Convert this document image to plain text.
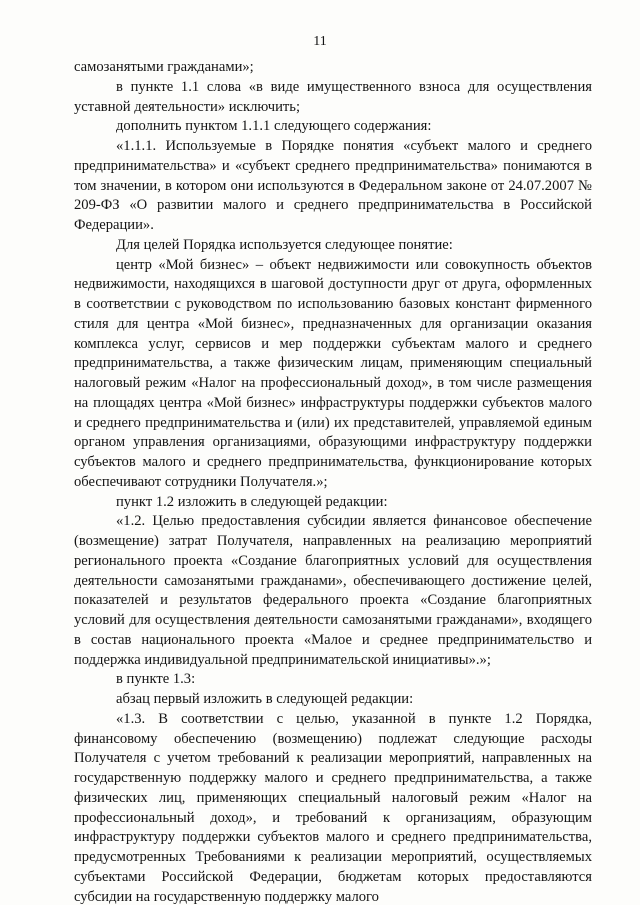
11

самозанятыми гражданами»;

в пункте 1.1 слова «в виде имущественного взноса для осуществления уставной деятельности» исключить;

дополнить пунктом 1.1.1 следующего содержания:

«1.1.1. Используемые в Порядке понятия «субъект малого и среднего предпринимательства» и «субъект среднего предпринимательства» понимаются в том значении, в котором они используются в Федеральном законе от 24.07.2007 № 209-ФЗ «О развитии малого и среднего предпринимательства в Российской Федерации».

Для целей Порядка используется следующее понятие:

центр «Мой бизнес» – объект недвижимости или совокупность объектов недвижимости, находящихся в шаговой доступности друг от друга, оформленных в соответствии с руководством по использованию базовых констант фирменного стиля для центра «Мой бизнес», предназначенных для организации оказания комплекса услуг, сервисов и мер поддержки субъектам малого и среднего предпринимательства, а также физическим лицам, применяющим специальный налоговый режим «Налог на профессиональный доход», в том числе размещения на площадях центра «Мой бизнес» инфраструктуры поддержки субъектов малого и среднего предпринимательства и (или) их представителей, управляемой единым органом управления организациями, образующими инфраструктуру поддержки субъектов малого и среднего предпринимательства, функционирование которых обеспечивают сотрудники Получателя.»;

пункт 1.2 изложить в следующей редакции:

«1.2. Целью предоставления субсидии является финансовое обеспечение (возмещение) затрат Получателя, направленных на реализацию мероприятий регионального проекта «Создание благоприятных условий для осуществления деятельности самозанятыми гражданами», обеспечивающего достижение целей, показателей и результатов федерального проекта «Создание благоприятных условий для осуществления деятельности самозанятыми гражданами», входящего в состав национального проекта «Малое и среднее предпринимательство и поддержка индивидуальной предпринимательской инициативы».»;

в пункте 1.3:

абзац первый изложить в следующей редакции:

«1.3. В соответствии с целью, указанной в пункте 1.2 Порядка, финансовому обеспечению (возмещению) подлежат следующие расходы Получателя с учетом требований к реализации мероприятий, направленных на государственную поддержку малого и среднего предпринимательства, а также физических лиц, применяющих специальный налоговый режим «Налог на профессиональный доход», и требований к организациям, образующим инфраструктуру поддержки субъектов малого и среднего предпринимательства, предусмотренных Требованиями к реализации мероприятий, осуществляемых субъектами Российской Федерации, бюджетам которых предоставляются субсидии на государственную поддержку малого
